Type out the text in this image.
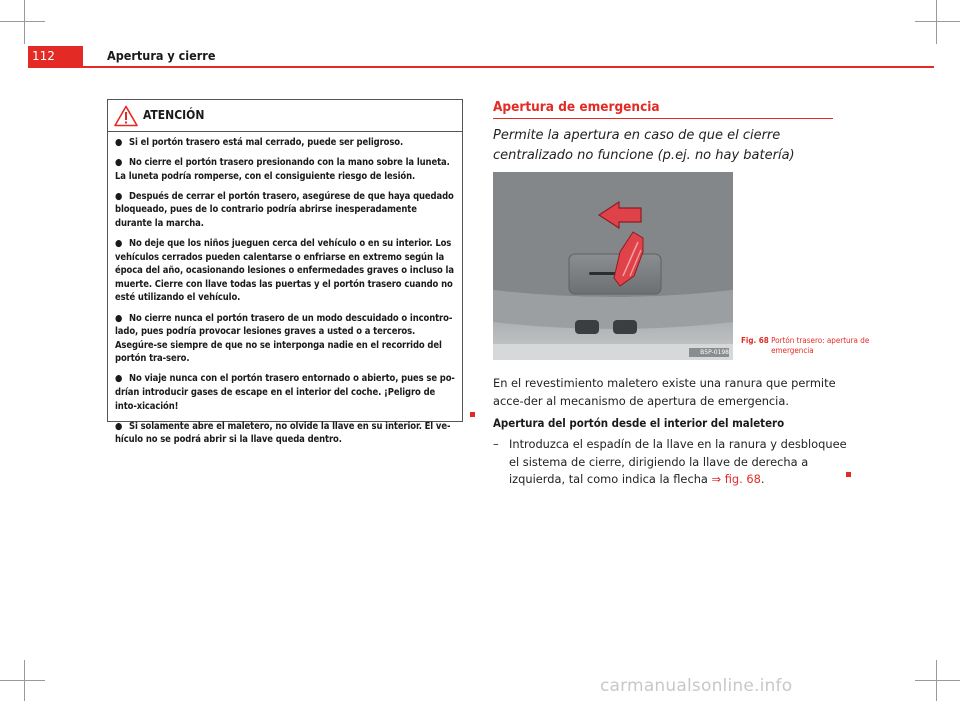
112	Apertura y cierre
ATENCIÓN

● Si el portón trasero está mal cerrado, puede ser peligroso.

● No cierre el portón trasero presionando con la mano sobre la luneta. La luneta podría romperse, con el consiguiente riesgo de lesión.

● Después de cerrar el portón trasero, asegúrese de que haya quedado bloqueado, pues de lo contrario podría abrirse inesperadamente durante la marcha.

● No deje que los niños jueguen cerca del vehículo o en su interior. Los vehículos cerrados pueden calentarse o enfriarse en extremo según la época del año, ocasionando lesiones o enfermedades graves o incluso la muerte. Cierre con llave todas las puertas y el portón trasero cuando no esté utilizando el vehículo.

● No cierre nunca el portón trasero de un modo descuidado o incontro-lado, pues podría provocar lesiones graves a usted o a terceros. Asegúre-se siempre de que no se interponga nadie en el recorrido del portón tra-sero.

● No viaje nunca con el portón trasero entornado o abierto, pues se po-drían introducir gases de escape en el interior del coche. ¡Peligro de into-xicación!

● Si solamente abre el maletero, no olvide la llave en su interior. El ve-hículo no se podrá abrir si la llave queda dentro.

Apertura de emergencia
Permite la apertura en caso de que el cierre centralizado no funcione (p.ej. no hay batería)
B5P-0198
Fig. 68 Portón trasero: apertura de emergencia
En el revestimiento maletero existe una ranura que permite acce-der al mecanismo de apertura de emergencia.
Apertura del portón desde el interior del maletero
– Introduzca el espadín de la llave en la ranura y desbloquee el sistema de cierre, dirigiendo la llave de derecha a izquierda, tal como indica la flecha ⇒ fig. 68.
carmanualsonline.info
